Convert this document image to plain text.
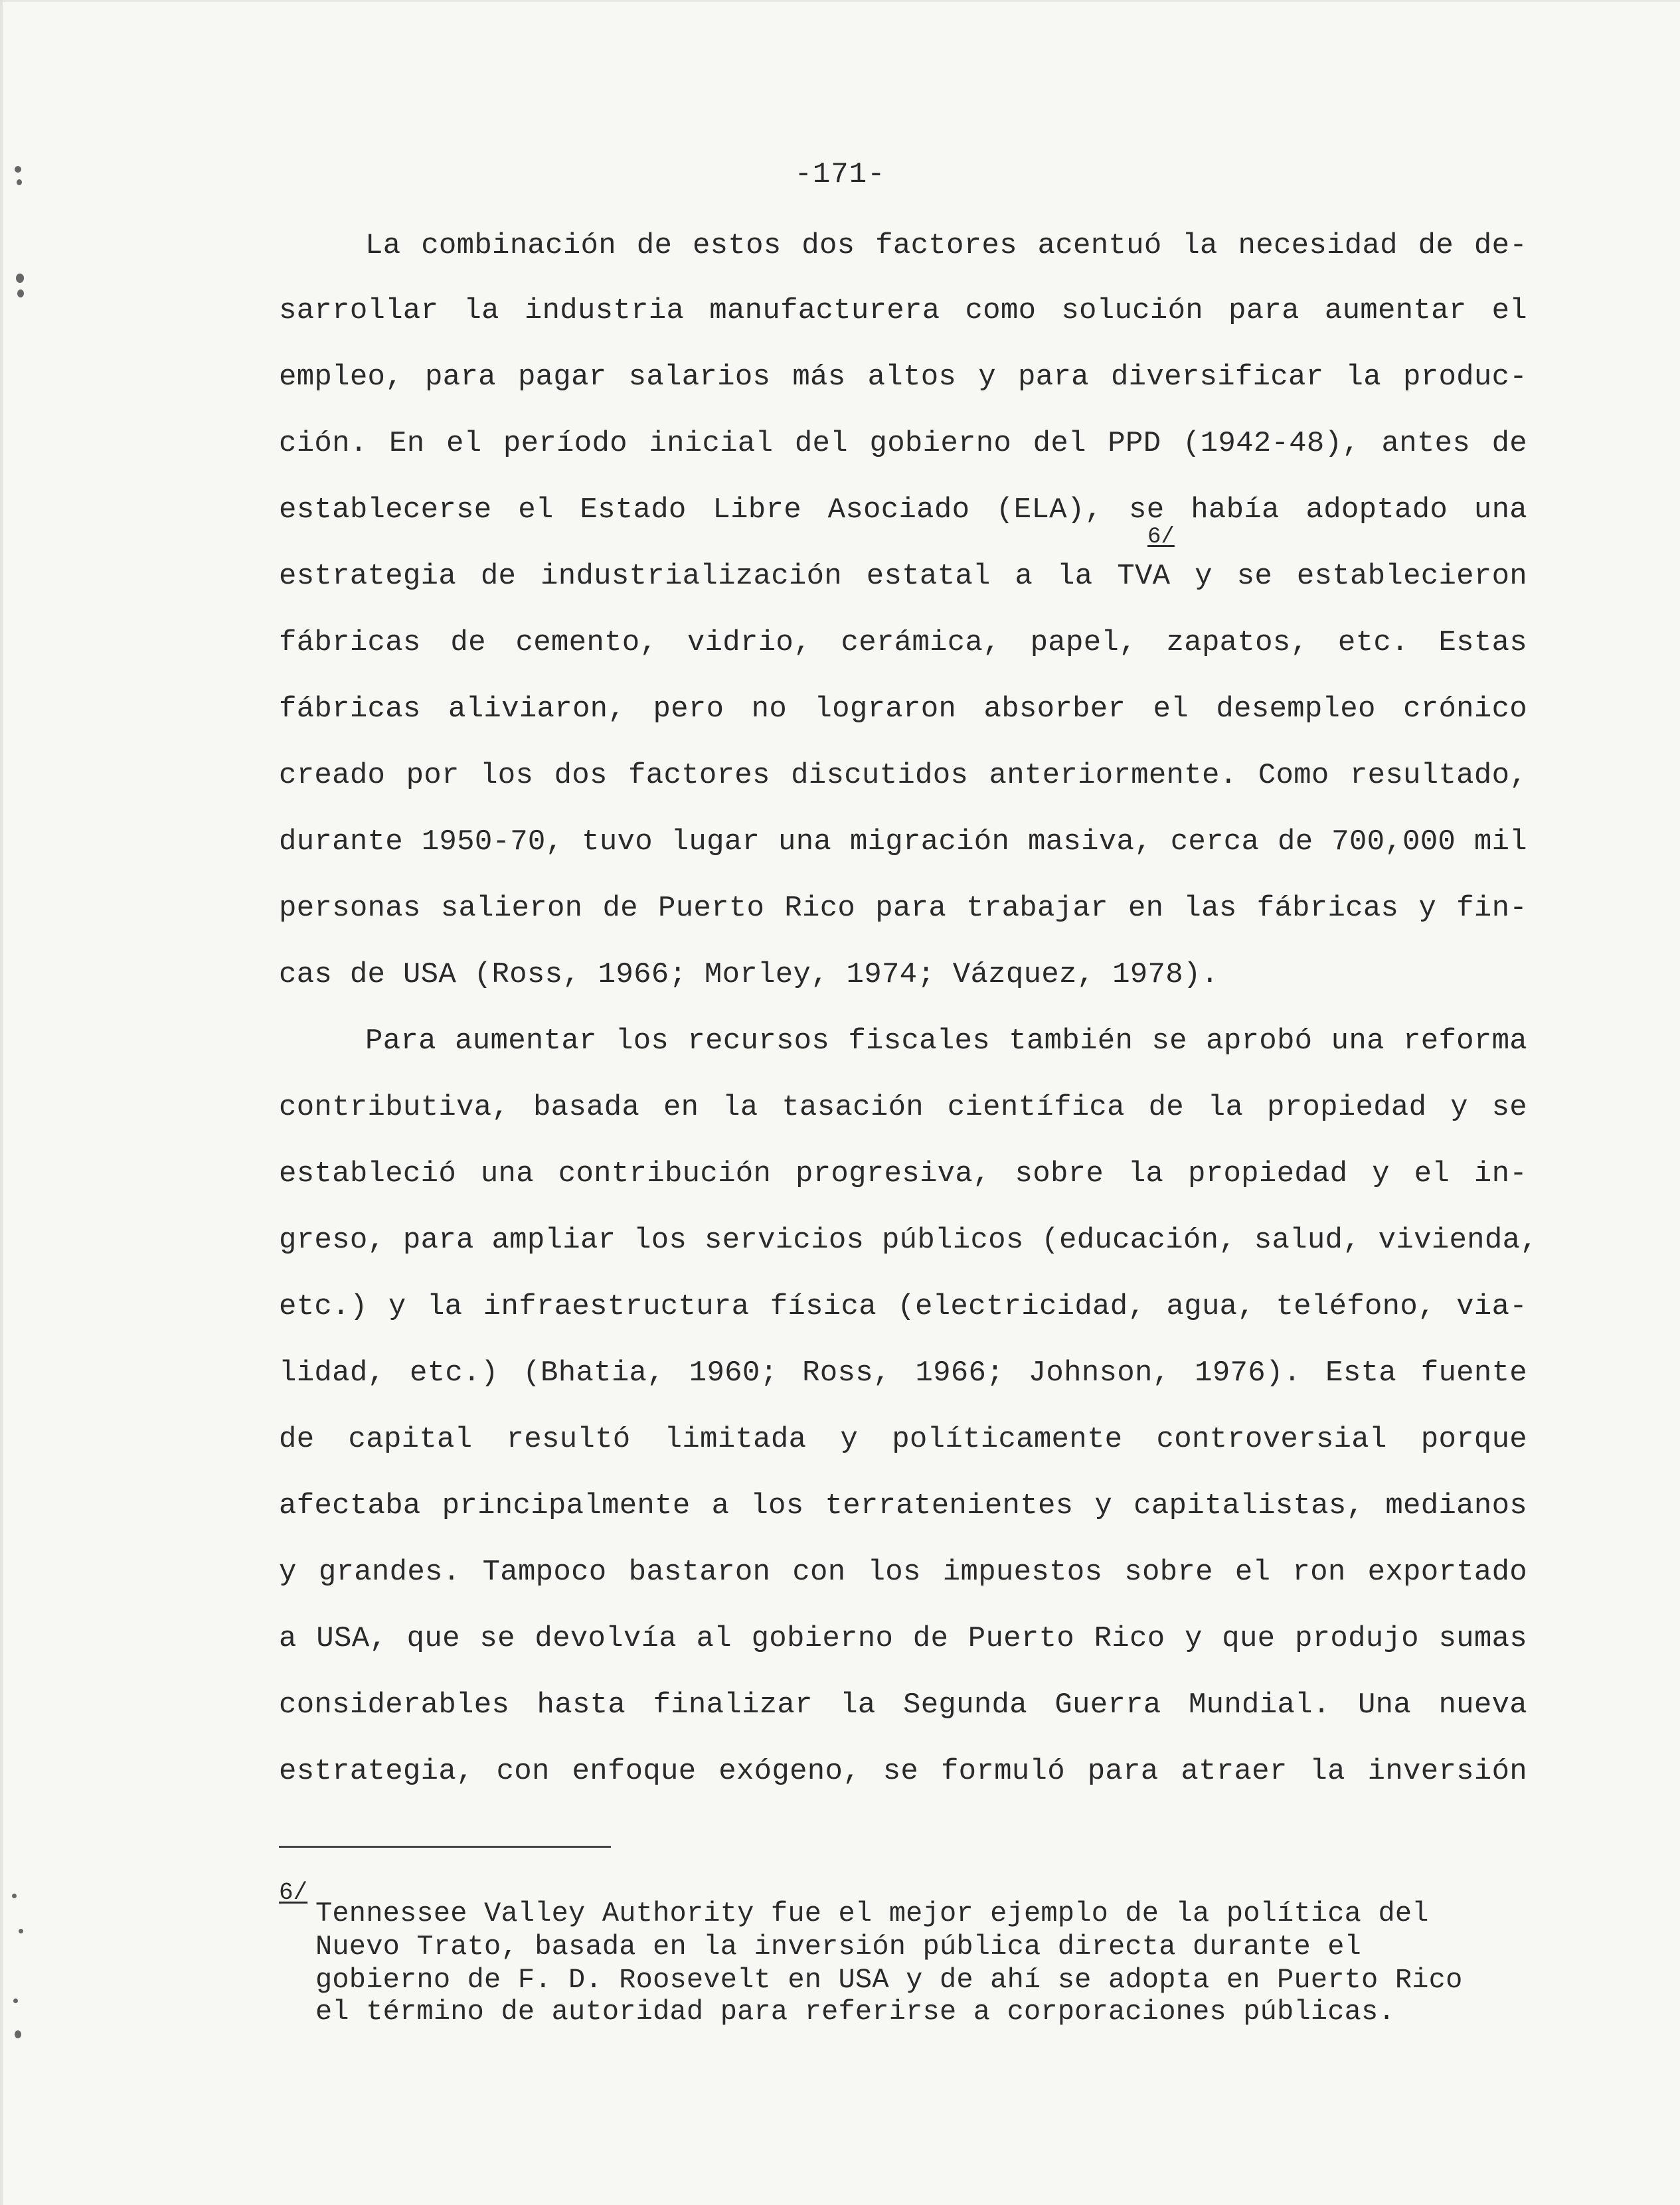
-171-
La combinación de estos dos factores acentuó la necesidad de de-
sarrollar la industria manufacturera como solución para aumentar el
empleo, para pagar salarios más altos y para diversificar la produc-
ción. En el período inicial del gobierno del PPD (1942-48), antes de
establecerse el Estado Libre Asociado (ELA), se había adoptado una
estrategia de industrialización estatal a la TVA y se establecieron
fábricas de cemento, vidrio, cerámica, papel, zapatos, etc. Estas
fábricas aliviaron, pero no lograron absorber el desempleo crónico
creado por los dos factores discutidos anteriormente. Como resultado,
durante 1950-70, tuvo lugar una migración masiva, cerca de 700,000 mil
personas salieron de Puerto Rico para trabajar en las fábricas y fin-
cas de USA (Ross, 1966; Morley, 1974; Vázquez, 1978).
Para aumentar los recursos fiscales también se aprobó una reforma
contributiva, basada en la tasación científica de la propiedad y se
estableció una contribución progresiva, sobre la propiedad y el in-
greso, para ampliar los servicios públicos (educación, salud, vivienda,
etc.) y la infraestructura física (electricidad, agua, teléfono, via-
lidad, etc.) (Bhatia, 1960; Ross, 1966; Johnson, 1976). Esta fuente
de capital resultó limitada y políticamente controversial porque
afectaba principalmente a los terratenientes y capitalistas, medianos
y grandes. Tampoco bastaron con los impuestos sobre el ron exportado
a USA, que se devolvía al gobierno de Puerto Rico y que produjo sumas
considerables hasta finalizar la Segunda Guerra Mundial. Una nueva
estrategia, con enfoque exógeno, se formuló para atraer la inversión
6/
6/
Tennessee Valley Authority fue el mejor ejemplo de la política del
Nuevo Trato, basada en la inversión pública directa durante el
gobierno de F. D. Roosevelt en USA y de ahí se adopta en Puerto Rico
el término de autoridad para referirse a corporaciones públicas.
